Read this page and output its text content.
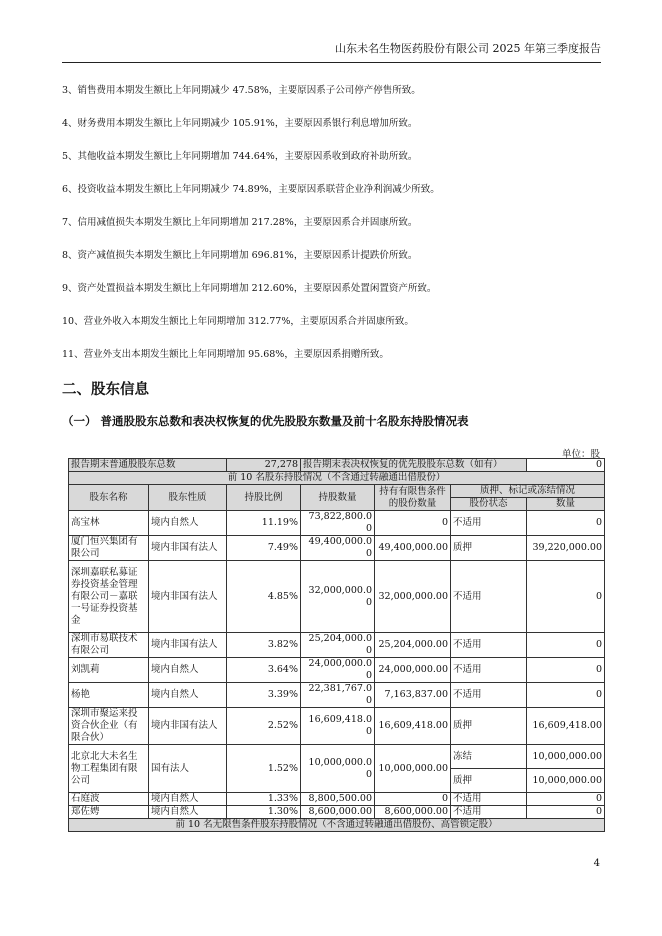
山东未名生物医药股份有限公司 2025 年第三季度报告
3、销售费用本期发生额比上年同期减少 47.58%，主要原因系子公司停产停售所致。
4、财务费用本期发生额比上年同期减少 105.91%，主要原因系银行利息增加所致。
5、其他收益本期发生额比上年同期增加 744.64%，主要原因系收到政府补助所致。
6、投资收益本期发生额比上年同期减少 74.89%，主要原因系联营企业净利润减少所致。
7、信用减值损失本期发生额比上年同期增加 217.28%，主要原因系合并固康所致。
8、资产减值损失本期发生额比上年同期增加 696.81%，主要原因系计提跌价所致。
9、资产处置损益本期发生额比上年同期增加 212.60%，主要原因系处置闲置资产所致。
10、营业外收入本期发生额比上年同期增加 312.77%，主要原因系合并固康所致。
11、营业外支出本期发生额比上年同期增加 95.68%，主要原因系捐赠所致。
二、股东信息
（一） 普通股股东总数和表决权恢复的优先股股东数量及前十名股东持股情况表
单位：股
报告期末普通股股东总数		27,278	报告期末表决权恢复的优先股股东总数（如有）			0
前 10 名股东持股情况（不含通过转融通出借股份）						
股东名称	股东性质	持股比例	持股数量	持有有限售条件的股份数量	质押、标记或冻结情况	
					股份状态	数量
高宝林	境内自然人	11.19%	73,822,800.00	0	不适用	0
厦门恒兴集团有限公司	境内非国有法人	7.49%	49,400,000.00	49,400,000.00	质押	39,220,000.00
深圳嘉联私募证券投资基金管理有限公司－嘉联一号证券投资基金	境内非国有法人	4.85%	32,000,000.00	32,000,000.00	不适用	0
深圳市易联技术有限公司	境内非国有法人	3.82%	25,204,000.00	25,204,000.00	不适用	0
刘凯莉	境内自然人	3.64%	24,000,000.00	24,000,000.00	不适用	0
杨艳	境内自然人	3.39%	22,381,767.00	7,163,837.00	不适用	0
深圳市聚运来投资合伙企业（有限合伙）	境内非国有法人	2.52%	16,609,418.00	16,609,418.00	质押	16,609,418.00
北京北大未名生物工程集团有限公司	国有法人	1.52%	10,000,000.00	10,000,000.00	冻结	10,000,000.00
					质押	10,000,000.00
石庭波	境内自然人	1.33%	8,800,500.00	0	不适用	0
郑佐娉	境内自然人	1.30%	8,600,000.00	8,600,000.00	不适用	0
前 10 名无限售条件股东持股情况（不含通过转融通出借股份、高管锁定股）						
4
